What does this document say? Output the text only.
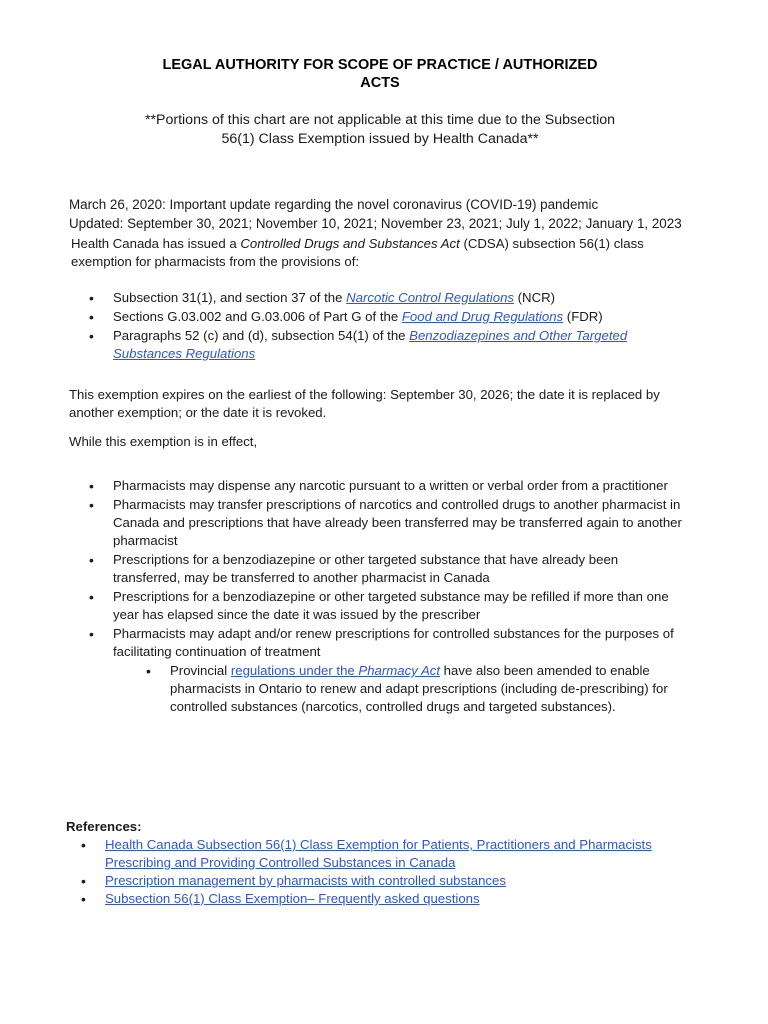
LEGAL AUTHORITY FOR SCOPE OF PRACTICE / AUTHORIZED
ACTS
**Portions of this chart are not applicable at this time due to the Subsection
56(1) Class Exemption issued by Health Canada**
March 26, 2020: Important update regarding the novel coronavirus (COVID-19) pandemic
Updated: September 30, 2021; November 10, 2021; November 23, 2021; July 1, 2022; January 1, 2023

Health Canada has issued a Controlled Drugs and Substances Act (CDSA) subsection 56(1) class exemption for pharmacists from the provisions of:

• Subsection 31(1), and section 37 of the Narcotic Control Regulations (NCR)
• Sections G.03.002 and G.03.006 of Part G of the Food and Drug Regulations (FDR)
• Paragraphs 52 (c) and (d), subsection 54(1) of the Benzodiazepines and Other Targeted Substances Regulations

This exemption expires on the earliest of the following: September 30, 2026; the date it is replaced by another exemption; or the date it is revoked.

While this exemption is in effect,

• Pharmacists may dispense any narcotic pursuant to a written or verbal order from a practitioner
• Pharmacists may transfer prescriptions of narcotics and controlled drugs to another pharmacist in Canada and prescriptions that have already been transferred may be transferred again to another pharmacist
• Prescriptions for a benzodiazepine or other targeted substance that have already been transferred, may be transferred to another pharmacist in Canada
• Prescriptions for a benzodiazepine or other targeted substance may be refilled if more than one year has elapsed since the date it was issued by the prescriber
• Pharmacists may adapt and/or renew prescriptions for controlled substances for the purposes of facilitating continuation of treatment
• Provincial regulations under the Pharmacy Act have also been amended to enable pharmacists in Ontario to renew and adapt prescriptions (including de-prescribing) for controlled substances (narcotics, controlled drugs and targeted substances).
References:
• Health Canada Subsection 56(1) Class Exemption for Patients, Practitioners and Pharmacists Prescribing and Providing Controlled Substances in Canada
• Prescription management by pharmacists with controlled substances
• Subsection 56(1) Class Exemption– Frequently asked questions
